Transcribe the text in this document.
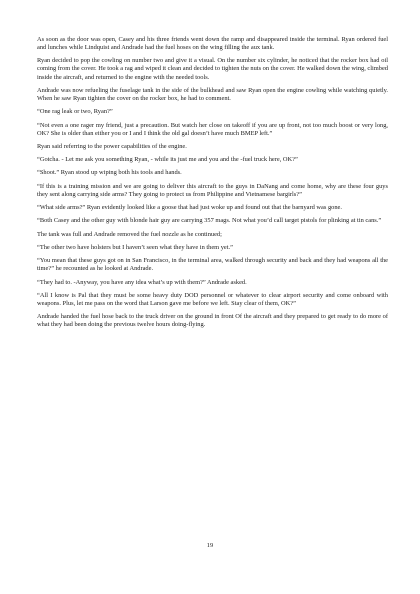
As soon as the door was open, Casey and his three friends went down the ramp and disappeared inside the terminal. Ryan ordered fuel and lunches while Lindquist and Andrade had the fuel hoses on the wing filling the aux tank.

Ryan decided to pop the cowling on number two and give it a visual. On the number six cylinder, he noticed that the rocker box had oil coming from the cover. He took a rag and wiped it clean and decided to tighten the nuts on the cover. He walked down the wing, climbed inside the aircraft, and returned to the engine with the needed tools.

Andrade was now refueling the fuselage tank in the side of the bulkhead and saw Ryan open the engine cowling while watching quietly. When he saw Ryan tighten the cover on the rocker box, he had to comment.

“One rag leak or two, Ryan?”

“Not even a one rager my friend, just a precaution. But watch her close on takeoff if you are up front, not too much boost or very long, OK? She is older than either you or I and I think the old gal doesn’t have much BMEP left.”

Ryan said referring to the power capabilities of the engine.

“Gotcha. - Let me ask you something Ryan, - while its just me and you and the -fuel truck here, OK?”

“Shoot.” Ryan stood up wiping both his tools and hands.

“If this is a training mission and we are going to deliver this aircraft to the guys in DaNang and come home, why are these four guys they sent along carrying side arms? They going to protect us from Philippine and Vietnamese bargirls?”

“What side arms?” Ryan evidently looked like a goose that had just woke up and found out that the barnyard was gone.

“Both Casey and the other guy with blonde hair guy are carrying 357 mags. Not what you’d call target pistols for plinking at tin cans.”

The tank was full and Andrade removed the fuel nozzle as he continued;

“The other two have holsters but I haven’t seen what they have in them yet.”

“You mean that these guys got on in San Francisco, in the terminal area, walked through security and back and they had weapons all the time?” he recounted as he looked at Andrade.

“They had to. -Anyway, you have any idea what’s up with them?” Andrade asked.

“All I know is Pal that they must be some heavy duty DOD personnel or whatever to clear airport security and come onboard with weapons. Plus, let me pass on the word that Larson gave me before we left. Stay clear of them, OK?”

Andrade handed the fuel hose back to the truck driver on the ground in front Of the aircraft and they prepared to get ready to do more of what they had been doing the previous twelve hours doing-flying.

19
